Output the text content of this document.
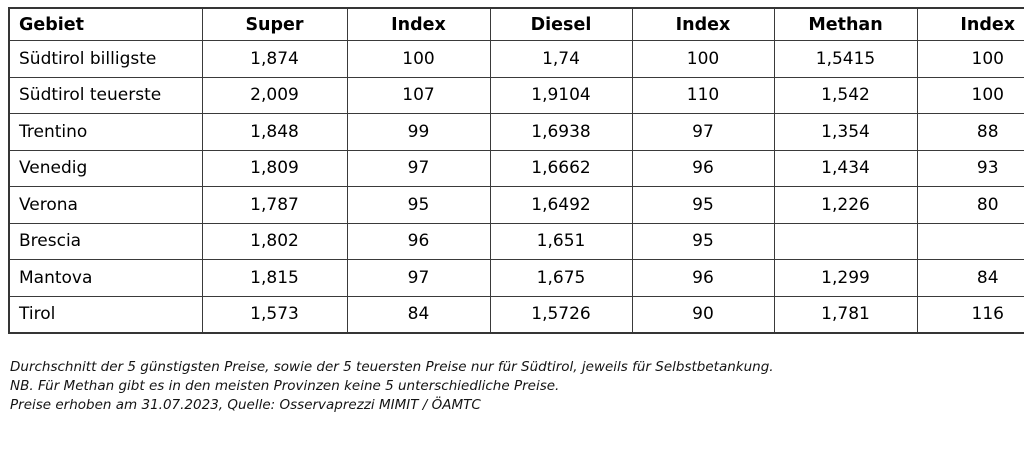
Gebiet	Super	Index	Diesel	Index	Methan	Index
Südtirol billigste	1,874	100	1,74	100	1,5415	100
Südtirol teuerste	2,009	107	1,9104	110	1,542	100
Trentino	1,848	99	1,6938	97	1,354	88
Venedig	1,809	97	1,6662	96	1,434	93
Verona	1,787	95	1,6492	95	1,226	80
Brescia	1,802	96	1,651	95		
Mantova	1,815	97	1,675	96	1,299	84
Tirol	1,573	84	1,5726	90	1,781	116
Durchschnitt der 5 günstigsten Preise, sowie der 5 teuersten Preise nur für Südtirol, jeweils für Selbstbetankung.
NB. Für Methan gibt es in den meisten Provinzen keine 5 unterschiedliche Preise.
Preise erhoben am 31.07.2023, Quelle: Osservaprezzi MIMIT / ÖAMTC
